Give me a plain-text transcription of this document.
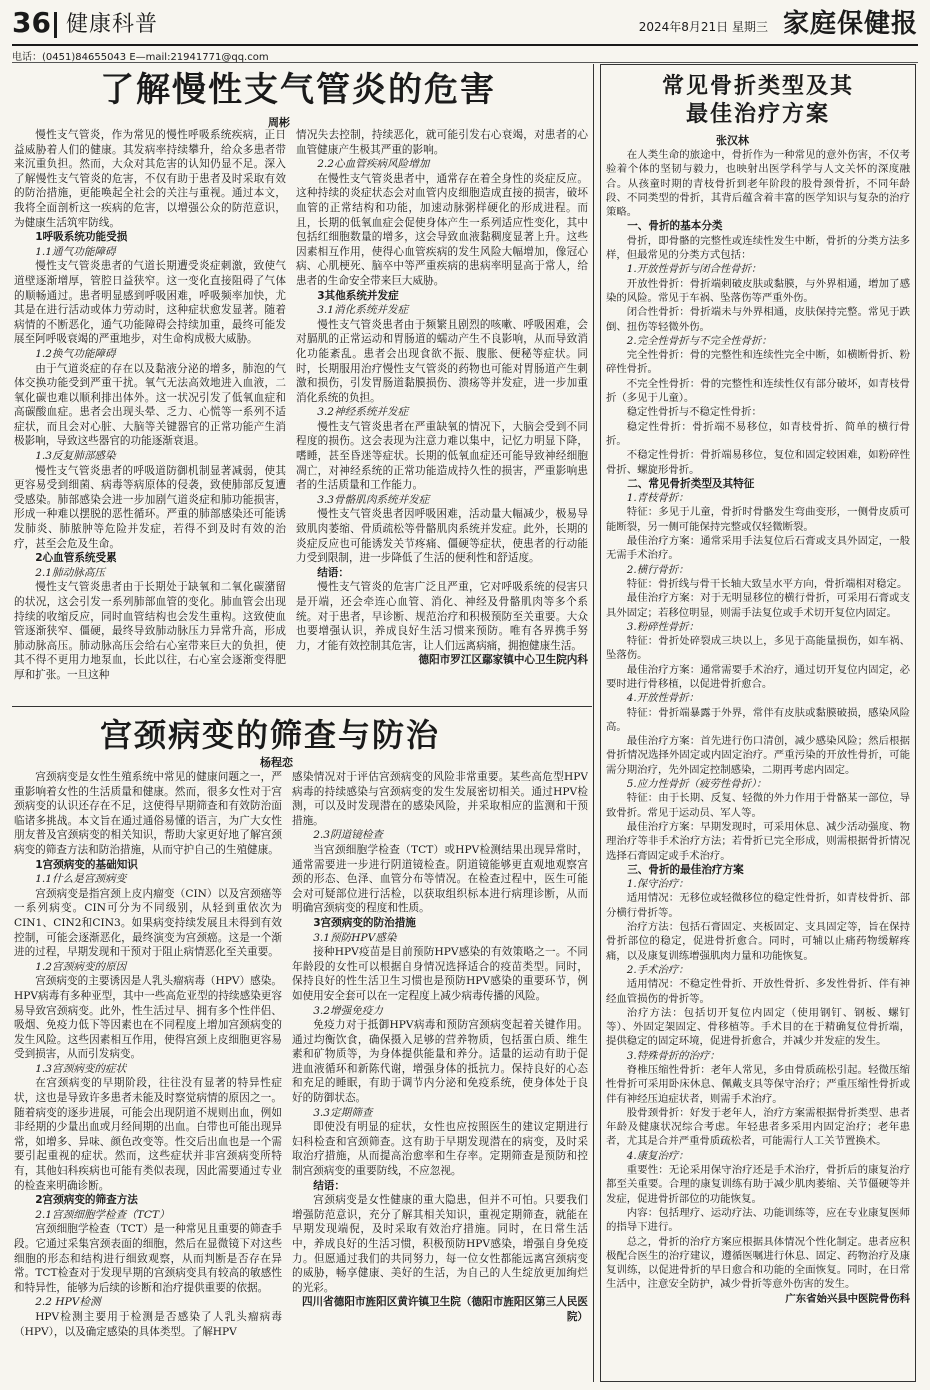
36 健康科普	2024年8月21日 星期三 家庭保健报
电话：(0451)84655043 E—mail:21941771@qq.com
了解慢性支气管炎的危害
周彬

慢性支气管炎，作为常见的慢性呼吸系统疾病，正日益威胁着人们的健康。其发病率持续攀升，给众多患者带来沉重负担。然而，大众对其危害的认知仍显不足。深入了解慢性支气管炎的危害，不仅有助于患者及时采取有效的防治措施，更能唤起全社会的关注与重视。通过本文，我将全面剖析这一疾病的危害，以增强公众的防范意识，为健康生活筑牢防线。

1呼吸系统功能受损

1.1通气功能障碍

慢性支气管炎患者的气道长期遭受炎症刺激，致使气道壁逐渐增厚，管腔日益狭窄。这一变化直接阻碍了气体的顺畅通过。患者明显感到呼吸困难，呼吸频率加快，尤其是在进行活动或体力劳动时，这种症状愈发显著。随着病情的不断恶化，通气功能障碍会持续加重，最终可能发展至阿呼吸衰竭的严重地步，对生命构成极大威胁。

1.2换气功能障碍

由于气道炎症的存在以及黏液分泌的增多，肺泡的气体交换功能受到严重干扰。氧气无法高效地进入血液，二氧化碳也难以顺利排出体外。这一状况引发了低氧血症和高碳酸血症。患者会出现头晕、乏力、心慌等一系列不适症状，而且会对心脏、大脑等关键器官的正常功能产生消极影响，导致这些器官的功能逐渐衰退。

1.3反复肺部感染

慢性支气管炎患者的呼吸道防御机制显著减弱，使其更容易受到细菌、病毒等病原体的侵袭，致使肺部反复遭受感染。肺部感染会进一步加剧气道炎症和肺功能损害，形成一种难以摆脱的恶性循环。严重的肺部感染还可能诱发肺炎、肺脓肿等危险并发症，若得不到及时有效的治疗，甚至会危及生命。

2心血管系统受累

2.1肺动脉高压

慢性支气管炎患者由于长期处于缺氧和二氧化碳潴留的状况，这会引发一系列肺部血管的变化。肺血管会出现持续的收缩反应，同时血管结构也会发生重构。这致使血管逐渐狭窄、僵硬，最终导致肺动脉压力异常升高，形成肺动脉高压。肺动脉高压会给右心室带来巨大的负担，使其不得不更用力地泵血，长此以往，右心室会逐渐变得肥厚和扩张。一旦这种

情况失去控制，持续恶化，就可能引发右心衰竭，对患者的心血管健康产生极其严重的影响。

2.2心血管疾病风险增加

在慢性支气管炎患者中，通常存在着全身性的炎症反应。这种持续的炎症状态会对血管内皮细胞造成直接的损害，破坏血管的正常结构和功能，加速动脉粥样硬化的形成进程。而且，长期的低氧血症会促使身体产生一系列适应性变化，其中包括红细胞数量的增多，这会导致血液黏稠度显著上升。这些因素相互作用，使得心血管疾病的发生风险大幅增加，像冠心病、心肌梗死、脑卒中等严重疾病的患病率明显高于常人，给患者的生命安全带来巨大威胁。

3其他系统并发症

3.1消化系统并发症

慢性支气管炎患者由于频繁且剧烈的咳嗽、呼吸困难，会对膈肌的正常运动和胃肠道的蠕动产生不良影响，从而导致消化功能紊乱。患者会出现食欲不振、腹胀、便秘等症状。同时，长期服用治疗慢性支气管炎的药物也可能对胃肠道产生刺激和损伤，引发胃肠道黏膜损伤、溃疡等并发症，进一步加重消化系统的负担。

3.2神经系统并发症

慢性支气管炎患者在严重缺氧的情况下，大脑会受到不同程度的损伤。这会表现为注意力难以集中，记忆力明显下降，嗜睡，甚至昏迷等症状。长期的低氧血症还可能导致神经细胞凋亡，对神经系统的正常功能造成持久性的损害，严重影响患者的生活质量和工作能力。

3.3骨骼肌肉系统并发症

慢性支气管炎患者因呼吸困难，活动量大幅减少，极易导致肌肉萎缩、骨质疏松等骨骼肌肉系统并发症。此外，长期的炎症反应也可能诱发关节疼痛、僵硬等症状，使患者的行动能力受到限制，进一步降低了生活的便利性和舒适度。

结语：

慢性支气管炎的危害广泛且严重，它对呼吸系统的侵害只是开端，还会牵连心血管、消化、神经及骨骼肌肉等多个系统。对于患者，早诊断、规范治疗和积极预防至关重要。大众也要增强认识，养成良好生活习惯来预防。唯有各界携手努力，才能有效控制其危害，让人们远离病痛，拥抱健康生活。

德阳市罗江区鄢家镇中心卫生院内科

宫颈病变的筛查与防治
杨程恋

宫颈病变是女性生殖系统中常见的健康问题之一，严重影响着女性的生活质量和健康。然而，很多女性对于宫颈病变的认识还存在不足，这使得早期筛查和有效防治面临诸多挑战。本文旨在通过通俗易懂的语言，为广大女性朋友普及宫颈病变的相关知识，帮助大家更好地了解宫颈病变的筛查方法和防治措施，从而守护自己的生殖健康。

1宫颈病变的基础知识

1.1什么是宫颈病变

宫颈病变是指宫颈上皮内瘤变（CIN）以及宫颈癌等一系列病变。CIN可分为不同级别，从轻到重依次为CIN1、CIN2和CIN3。如果病变持续发展且未得到有效控制，可能会逐渐恶化，最终演变为宫颈癌。这是一个渐进的过程，早期发现和干预对于阻止病情恶化至关重要。

1.2宫颈病变的原因

宫颈病变的主要诱因是人乳头瘤病毒（HPV）感染。HPV病毒有多种亚型，其中一些高危亚型的持续感染更容易导致宫颈病变。此外，性生活过早、拥有多个性伴侣、吸烟、免疫力低下等因素也在不同程度上增加宫颈病变的发生风险。这些因素相互作用，使得宫颈上皮细胞更容易受到损害，从而引发病变。

1.3宫颈病变的症状

在宫颈病变的早期阶段，往往没有显著的特异性症状，这也是导致许多患者未能及时察觉病情的原因之一。随着病变的逐步进展，可能会出现阴道不规则出血，例如非经期的少量出血或月经间期的出血。白带也可能出现异常，如增多、异味、颜色改变等。性交后出血也是一个需要引起重视的症状。然而，这些症状并非宫颈病变所特有，其他妇科疾病也可能有类似表现，因此需要通过专业的检查来明确诊断。

2宫颈病变的筛查方法

2.1宫颈细胞学检查（TCT）

宫颈细胞学检查（TCT）是一种常见且重要的筛查手段。它通过采集宫颈表面的细胞，然后在显微镜下对这些细胞的形态和结构进行细致观察，从而判断是否存在异常。TCT检查对于发现早期的宫颈病变具有较高的敏感性和特异性，能够为后续的诊断和治疗提供重要的依据。

2.2 HPV检测

HPV检测主要用于检测是否感染了人乳头瘤病毒（HPV），以及确定感染的具体类型。了解HPV

感染情况对于评估宫颈病变的风险非常重要。某些高危型HPV病毒的持续感染与宫颈病变的发生发展密切相关。通过HPV检测，可以及时发现潜在的感染风险，并采取相应的监测和干预措施。

2.3阴道镜检查

当宫颈细胞学检查（TCT）或HPV检测结果出现异常时，通常需要进一步进行阴道镜检查。阴道镜能够更直观地观察宫颈的形态、色泽、血管分布等情况。在检查过程中，医生可能会对可疑部位进行活检，以获取组织标本进行病理诊断，从而明确宫颈病变的程度和性质。

3宫颈病变的防治措施

3.1预防HPV感染

接种HPV疫苗是目前预防HPV感染的有效策略之一。不同年龄段的女性可以根据自身情况选择适合的疫苗类型。同时，保持良好的性生活卫生习惯也是预防HPV感染的重要环节，例如使用安全套可以在一定程度上减少病毒传播的风险。

3.2增强免疫力

免疫力对于抵御HPV病毒和预防宫颈病变起着关键作用。通过均衡饮食，确保摄入足够的营养物质，包括蛋白质、维生素和矿物质等，为身体提供能量和养分。适量的运动有助于促进血液循环和新陈代谢，增强身体的抵抗力。保持良好的心态和充足的睡眠，有助于调节内分泌和免疫系统，使身体处于良好的防御状态。

3.3定期筛查

即使没有明显的症状，女性也应按照医生的建议定期进行妇科检查和宫颈筛查。这有助于早期发现潜在的病变，及时采取治疗措施，从而提高治愈率和生存率。定期筛查是预防和控制宫颈病变的重要防线，不应忽视。

结语：

宫颈病变是女性健康的重大隐患，但并不可怕。只要我们增强防范意识，充分了解其相关知识，重视定期筛查，就能在早期发现端倪，及时采取有效治疗措施。同时，在日常生活中，养成良好的生活习惯，积极预防HPV感染，增强自身免疫力。但愿通过我们的共同努力，每一位女性都能远离宫颈病变的威胁，畅享健康、美好的生活，为自己的人生绽放更加绚烂的光彩。

四川省德阳市旌阳区黄许镇卫生院（德阳市旌阳区第三人民医院）

常见骨折类型及其
最佳治疗方案
张汉林

在人类生命的旅途中，骨折作为一种常见的意外伤害，不仅考验着个体的坚韧与毅力，也映射出医学科学与人文关怀的深度融合。从孩童时期的青枝骨折到老年阶段的股骨颈骨折，不同年龄段、不同类型的骨折，其背后蕴含着丰富的医学知识与复杂的治疗策略。

一、骨折的基本分类

骨折，即骨骼的完整性或连续性发生中断，骨折的分类方法多样，但最常见的分类方式包括：

1.开放性骨折与闭合性骨折：

开放性骨折：骨折端刺破皮肤或黏膜，与外界相通，增加了感染的风险。常见于车祸、坠落伤等严重外伤。

闭合性骨折：骨折端未与外界相通，皮肤保持完整。常见于跌倒、扭伤等轻微外伤。

2.完全性骨折与不完全性骨折：

完全性骨折：骨的完整性和连续性完全中断，如横断骨折、粉碎性骨折。

不完全性骨折：骨的完整性和连续性仅有部分破坏，如青枝骨折（多见于儿童）。

稳定性骨折与不稳定性骨折：

稳定性骨折：骨折端不易移位，如青枝骨折、简单的横行骨折。

不稳定性骨折：骨折端易移位，复位和固定较困难，如粉碎性骨折、螺旋形骨折。

二、常见骨折类型及其特征

1.青枝骨折：

特征：多见于儿童，骨折时骨骼发生弯曲变形，一侧骨皮质可能断裂，另一侧可能保持完整或仅轻微断裂。

最佳治疗方案：通常采用手法复位后石膏或支具外固定，一般无需手术治疗。

2.横行骨折：

特征：骨折线与骨干长轴大致呈水平方向，骨折端相对稳定。

最佳治疗方案：对于无明显移位的横行骨折，可采用石膏或支具外固定；若移位明显，则需手法复位或手术切开复位内固定。

3.粉碎性骨折：

特征：骨折处碎裂成三块以上，多见于高能量损伤，如车祸、坠落伤。

最佳治疗方案：通常需要手术治疗，通过切开复位内固定，必要时进行骨移植，以促进骨折愈合。

4.开放性骨折：

特征：骨折端暴露于外界，常伴有皮肤或黏膜破损，感染风险高。

最佳治疗方案：首先进行伤口清创，减少感染风险；然后根据骨折情况选择外固定或内固定治疗。严重污染的开放性骨折，可能需分期治疗，先外固定控制感染，二期再考虑内固定。

5.应力性骨折（疲劳性骨折）：

特征：由于长期、反复、轻微的外力作用于骨骼某一部位，导致骨折。常见于运动员、军人等。

最佳治疗方案：早期发现时，可采用休息、减少活动强度、物理治疗等非手术治疗方法；若骨折已完全形成，则需根据骨折情况选择石膏固定或手术治疗。

三、骨折的最佳治疗方案

1.保守治疗：

适用情况：无移位或轻微移位的稳定性骨折，如青枝骨折、部分横行骨折等。

治疗方法：包括石膏固定、夹板固定、支具固定等，旨在保持骨折部位的稳定，促进骨折愈合。同时，可辅以止痛药物缓解疼痛，以及康复训练增强肌肉力量和功能恢复。

2.手术治疗：

适用情况：不稳定性骨折、开放性骨折、多发性骨折、伴有神经血管损伤的骨折等。

治疗方法：包括切开复位内固定（使用钢钉、钢板、螺钉等）、外固定架固定、骨移植等。手术目的在于精确复位骨折端，提供稳定的固定环境，促进骨折愈合，并减少并发症的发生。

3.特殊骨折的治疗：

脊椎压缩性骨折：老年人常见，多由骨质疏松引起。轻微压缩性骨折可采用卧床休息、佩戴支具等保守治疗；严重压缩性骨折或伴有神经压迫症状者，则需手术治疗。

股骨颈骨折：好发于老年人，治疗方案需根据骨折类型、患者年龄及健康状况综合考虑。年轻患者多采用内固定治疗；老年患者，尤其是合并严重骨质疏松者，可能需行人工关节置换术。

4.康复治疗：

重要性：无论采用保守治疗还是手术治疗，骨折后的康复治疗都至关重要。合理的康复训练有助于减少肌肉萎缩、关节僵硬等并发症，促进骨折部位的功能恢复。

内容：包括理疗、运动疗法、功能训练等，应在专业康复医师的指导下进行。

总之，骨折的治疗方案应根据具体情况个性化制定。患者应积极配合医生的治疗建议，遵循医嘱进行休息、固定、药物治疗及康复训练，以促进骨折的早日愈合和功能的全面恢复。同时，在日常生活中，注意安全防护，减少骨折等意外伤害的发生。

广东省始兴县中医院骨伤科
